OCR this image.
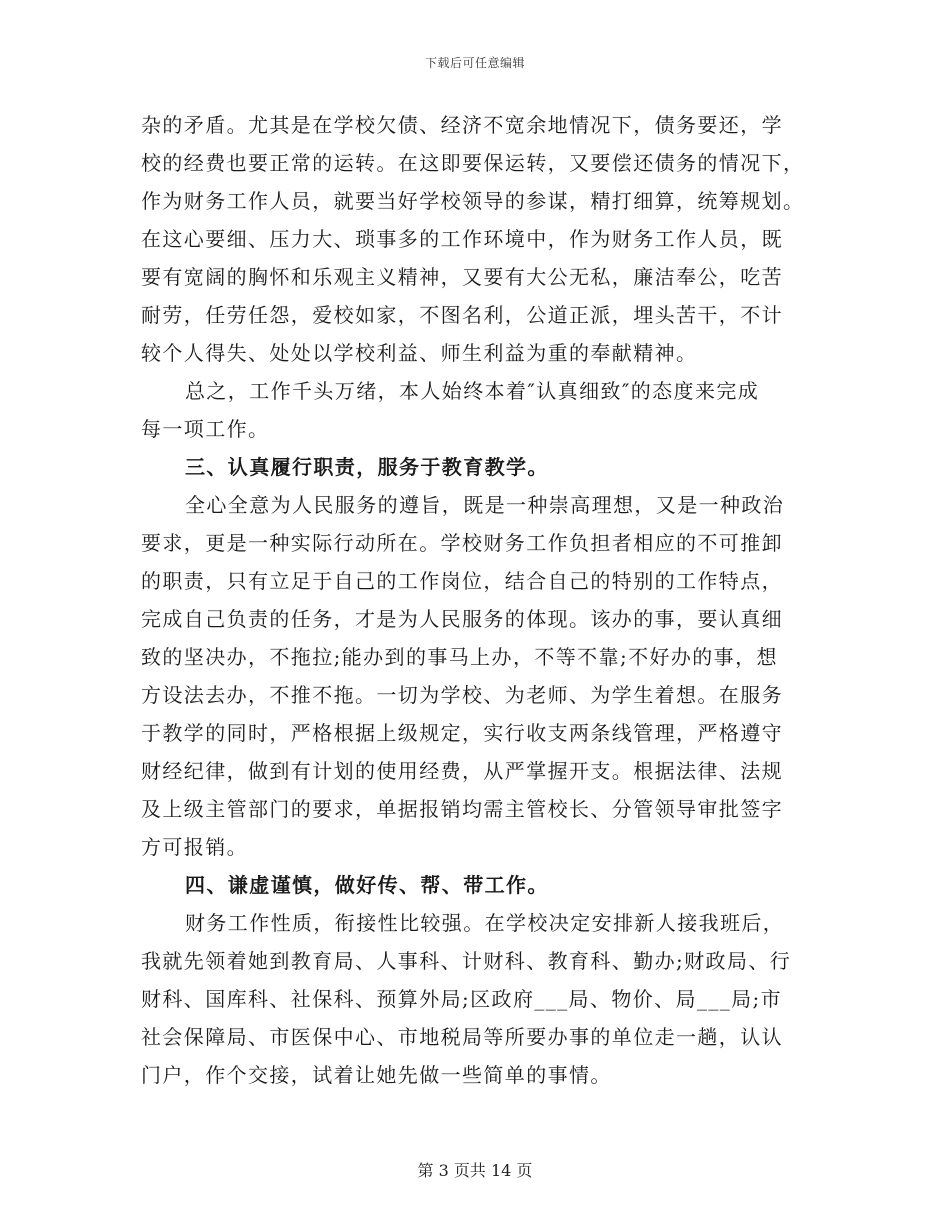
下载后可任意编辑
杂的矛盾。尤其是在学校欠债、经济不宽余地情况下，债务要还，学
校的经费也要正常的运转。在这即要保运转，又要偿还债务的情况下，
作为财务工作人员，就要当好学校领导的参谋，精打细算，统筹规划。
在这心要细、压力大、琐事多的工作环境中，作为财务工作人员，既
要有宽阔的胸怀和乐观主义精神，又要有大公无私，廉洁奉公，吃苦
耐劳，任劳任怨，爱校如家，不图名利，公道正派，埋头苦干，不计
较个人得失、处处以学校利益、师生利益为重的奉献精神。
总之，工作千头万绪，本人始终本着″认真细致″的态度来完成
每一项工作。
三、认真履行职责，服务于教育教学。
全心全意为人民服务的遵旨，既是一种崇高理想，又是一种政治
要求，更是一种实际行动所在。学校财务工作负担者相应的不可推卸
的职责，只有立足于自己的工作岗位，结合自己的特别的工作特点，
完成自己负责的任务，才是为人民服务的体现。该办的事，要认真细
致的坚决办，不拖拉;能办到的事马上办，不等不靠;不好办的事，想
方设法去办，不推不拖。一切为学校、为老师、为学生着想。在服务
于教学的同时，严格根据上级规定，实行收支两条线管理，严格遵守
财经纪律，做到有计划的使用经费，从严掌握开支。根据法律、法规
及上级主管部门的要求，单据报销均需主管校长、分管领导审批签字
方可报销。
四、谦虚谨慎，做好传、帮、带工作。
财务工作性质，衔接性比较强。在学校决定安排新人接我班后，
我就先领着她到教育局、人事科、计财科、教育科、勤办;财政局、行
财科、国库科、社保科、预算外局;区政府___局、物价、局___局;市
社会保障局、市医保中心、市地税局等所要办事的单位走一趟，认认
门户，作个交接，试着让她先做一些简单的事情。
第 3 页共 14 页
